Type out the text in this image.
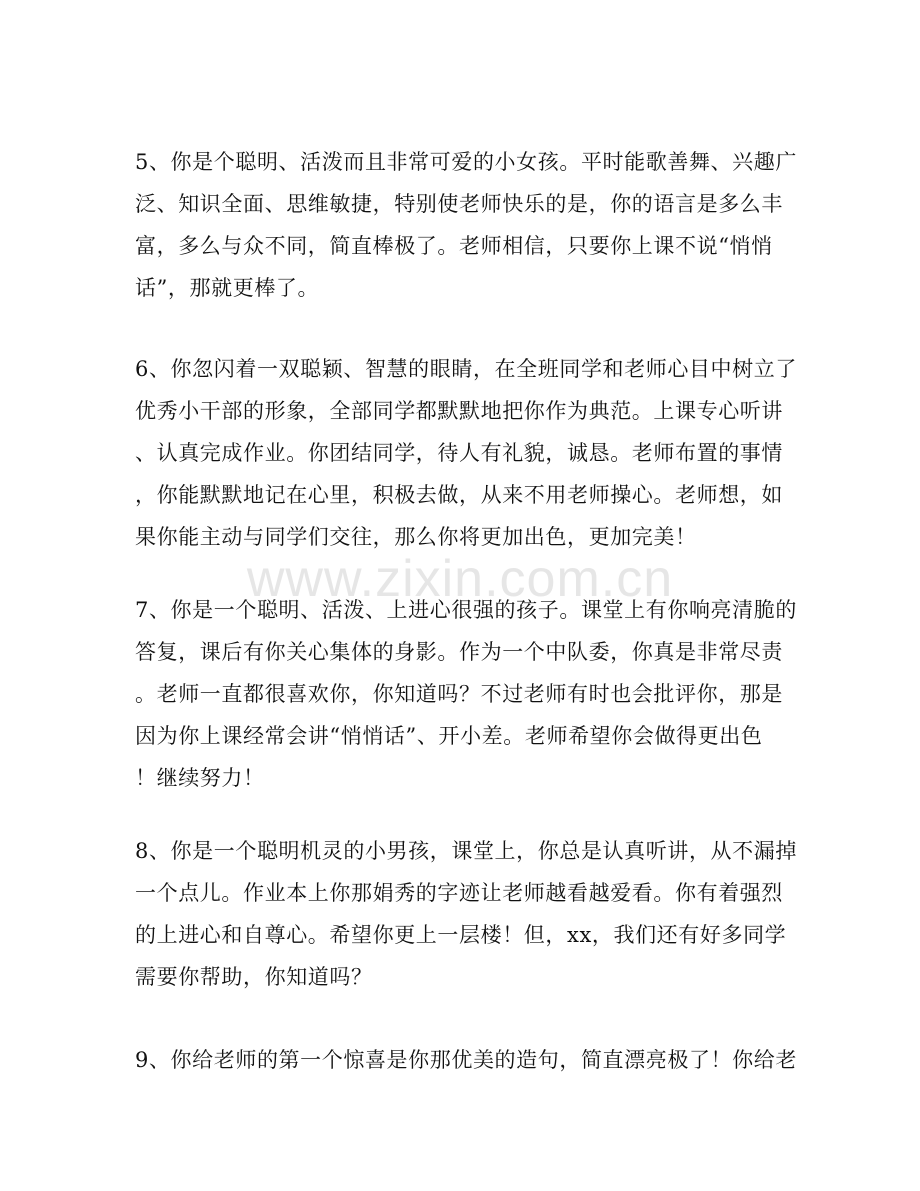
5、你是个聪明、活泼而且非常可爱的小女孩。平时能歌善舞、兴趣广
泛、知识全面、思维敏捷，特别使老师快乐的是，你的语言是多么丰
富，多么与众不同，简直棒极了。老师相信，只要你上课不说“悄悄
话”，那就更棒了。
6、你忽闪着一双聪颖、智慧的眼睛，在全班同学和老师心目中树立了
优秀小干部的形象，全部同学都默默地把你作为典范。上课专心听讲
、认真完成作业。你团结同学，待人有礼貌，诚恳。老师布置的事情
，你能默默地记在心里，积极去做，从来不用老师操心。老师想，如
果你能主动与同学们交往，那么你将更加出色，更加完美！
7、你是一个聪明、活泼、上进心很强的孩子。课堂上有你响亮清脆的
答复，课后有你关心集体的身影。作为一个中队委，你真是非常尽责
。老师一直都很喜欢你，你知道吗？不过老师有时也会批评你，那是
因为你上课经常会讲“悄悄话”、开小差。老师希望你会做得更出色
！继续努力！
8、你是一个聪明机灵的小男孩，课堂上，你总是认真听讲，从不漏掉
一个点儿。作业本上你那娟秀的字迹让老师越看越爱看。你有着强烈
的上进心和自尊心。希望你更上一层楼！但，xx，我们还有好多同学
需要你帮助，你知道吗？
9、你给老师的第一个惊喜是你那优美的造句，简直漂亮极了！你给老
www.zixin.com.cn
